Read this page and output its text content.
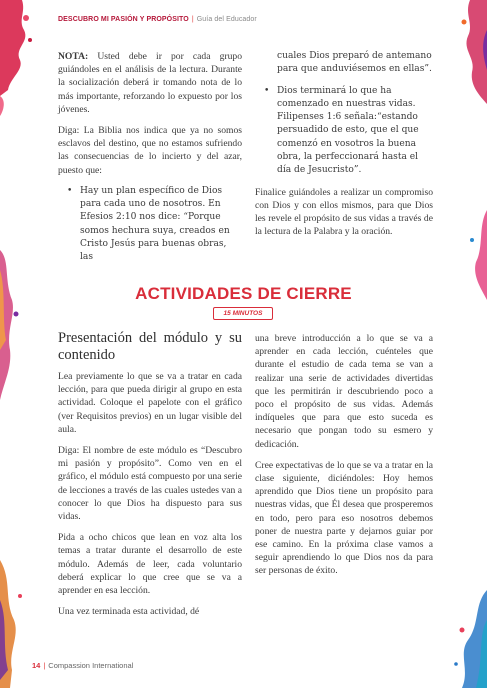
DESCUBRO MI PASIÓN Y PROPÓSITO | Guía del Educador

NOTA: Usted debe ir por cada grupo guiándoles en el análisis de la lectura. Durante la socialización deberá ir tomando nota de lo más importante, reforzando lo expuesto por los jóvenes.

Diga: La Biblia nos indica que ya no somos esclavos del destino, que no estamos sufriendo las consecuencias de lo incierto y del azar, puesto que:

• Hay un plan específico de Dios para cada uno de nosotros. En Efesios 2:10 nos dice: “Porque somos hechura suya, creados en Cristo Jesús para buenas obras, las
cuales Dios preparó de antemano para que anduviésemos en ellas”.
• Dios terminará lo que ha comenzado en nuestras vidas. Filipenses 1:6 señala:“estando persuadido de esto, que el que comenzó en vosotros la buena obra, la perfeccionará hasta el día de Jesucristo”.

Finalice guiándoles a realizar un compromiso con Dios y con ellos mismos, para que Dios les revele el propósito de sus vidas a través de la lectura de la Palabra y la oración.

ACTIVIDADES DE CIERRE
15 MINUTOS
Presentación del módulo y su contenido

Lea previamente lo que se va a tratar en cada lección, para que pueda dirigir al grupo en esta actividad. Coloque el papelote con el gráfico (ver Requisitos previos) en un lugar visible del aula.

Diga: El nombre de este módulo es “Descubro mi pasión y propósito”. Como ven en el gráfico, el módulo está compuesto por una serie de lecciones a través de las cuales ustedes van a conocer lo que Dios ha dispuesto para sus vidas.

Pida a ocho chicos que lean en voz alta los temas a tratar durante el desarrollo de este módulo. Además de leer, cada voluntario deberá explicar lo que cree que se va a aprender en esa lección.

Una vez terminada esta actividad, dé

una breve introducción a lo que se va a aprender en cada lección, cuénteles que durante el estudio de cada tema se van a realizar una serie de actividades divertidas que les permitirán ir descubriendo poco a poco el propósito de sus vidas. Además indíqueles que para que esto suceda es necesario que pongan todo su esmero y dedicación.

Cree expectativas de lo que se va a tratar en la clase siguiente, diciéndoles: Hoy hemos aprendido que Dios tiene un propósito para nuestras vidas, que Él desea que prosperemos en todo, pero para eso nosotros debemos poner de nuestra parte y dejarnos guiar por ese camino. En la próxima clase vamos a seguir aprendiendo lo que Dios nos da para ser personas de éxito.

14 | Compassion International
